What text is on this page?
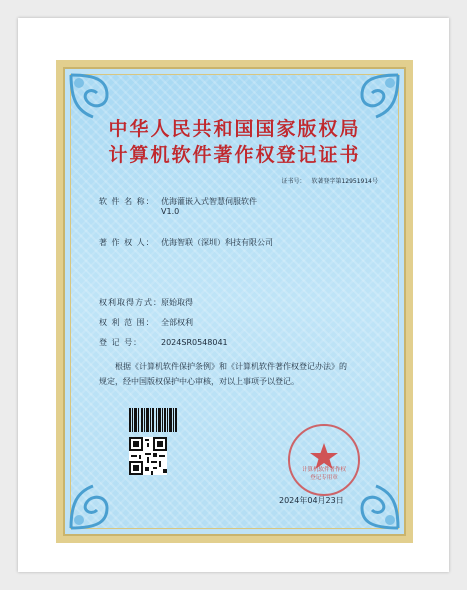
中华人民共和国国家版权局
计算机软件著作权登记证书
证书号： 软著登字第12951914号
软 件 名 称： 优海灌嵌入式智慧伺服软件
V1.0
著 作 权 人： 优海智联（深圳）科技有限公司
权利取得方式：原始取得
权 利 范 围： 全部权利
登 记 号： 2024SR0548041

根据《计算机软件保护条例》和《计算机软件著作权登记办法》的

规定，经中国版权保护中心审核，对以上事项予以登记。

计算机软件著作权
登记专用章
2024年04月23日
